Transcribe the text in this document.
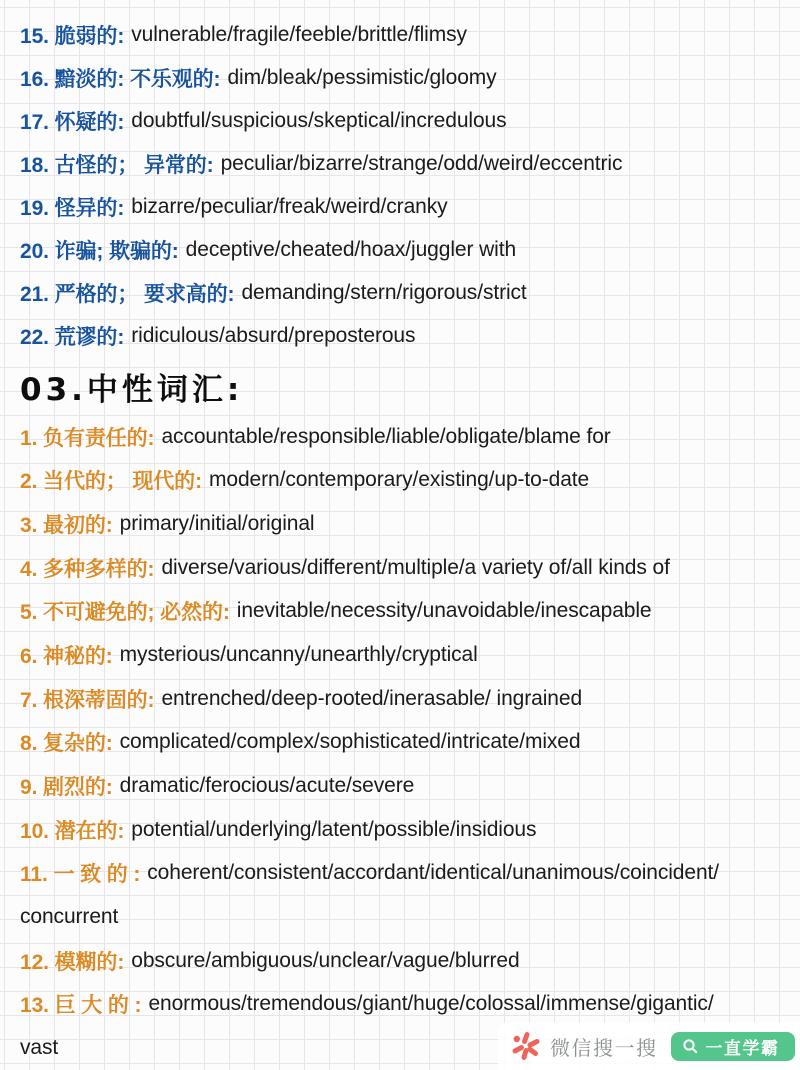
15. 脆弱的: vulnerable/fragile/feeble/brittle/flimsy
16. 黯淡的: 不乐观的: dim/bleak/pessimistic/gloomy
17. 怀疑的: doubtful/suspicious/skeptical/incredulous
18. 古怪的； 异常的: peculiar/bizarre/strange/odd/weird/eccentric
19. 怪异的: bizarre/peculiar/freak/weird/cranky
20. 诈骗; 欺骗的: deceptive/cheated/hoax/juggler with
21. 严格的； 要求高的: demanding/stern/rigorous/strict
22. 荒谬的: ridiculous/absurd/preposterous
03.中性词汇:
1. 负有责任的: accountable/responsible/liable/obligate/blame for
2. 当代的； 现代的: modern/contemporary/existing/up-to-date
3. 最初的: primary/initial/original
4. 多种多样的: diverse/various/different/multiple/a variety of/all kinds of
5. 不可避免的; 必然的: inevitable/necessity/unavoidable/inescapable
6. 神秘的: mysterious/uncanny/unearthly/cryptical
7. 根深蒂固的: entrenched/deep-rooted/inerasable/ ingrained
8. 复杂的: complicated/complex/sophisticated/intricate/mixed
9. 剧烈的: dramatic/ferocious/acute/severe
10. 潜在的: potential/underlying/latent/possible/insidious
11. 一 致 的 : coherent/consistent/accordant/identical/unanimous/coincident/
concurrent
12. 模糊的: obscure/ambiguous/unclear/vague/blurred
13. 巨 大 的 : enormous/tremendous/giant/huge/colossal/immense/gigantic/
vast	微信搜一搜	一直学霸
